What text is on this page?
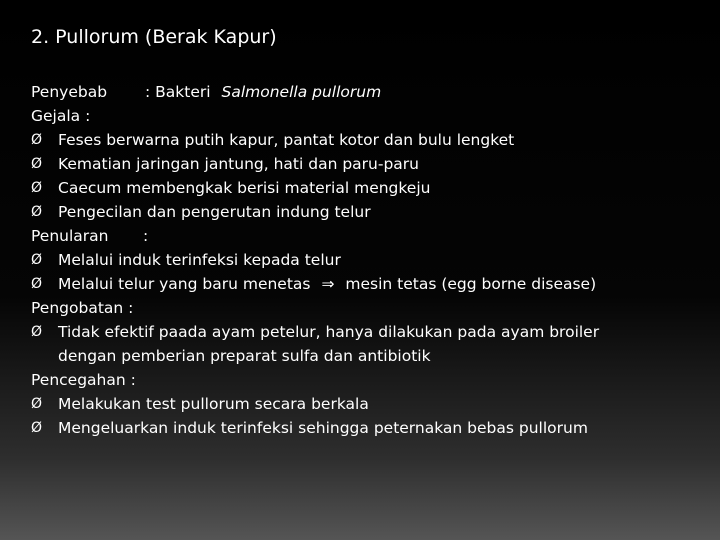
2. Pullorum (Berak Kapur)
Penyebab : Bakteri Salmonella pullorum
Gejala :
Ø	Feses berwarna putih kapur, pantat kotor dan bulu lengket
Ø	Kematian jaringan jantung, hati dan paru-paru
Ø	Caecum membengkak berisi material mengkeju
Ø	Pengecilan dan pengerutan indung telur
Penularan :
Ø	Melalui induk terinfeksi kepada telur
Ø	Melalui telur yang baru menetas ⇒ mesin tetas (egg borne disease)
Pengobatan :
Ø	Tidak efektif paada ayam petelur, hanya dilakukan pada ayam broiler
dengan pemberian preparat sulfa dan antibiotik
Pencegahan :
Ø	Melakukan test pullorum secara berkala
Ø	Mengeluarkan induk terinfeksi sehingga peternakan bebas pullorum
